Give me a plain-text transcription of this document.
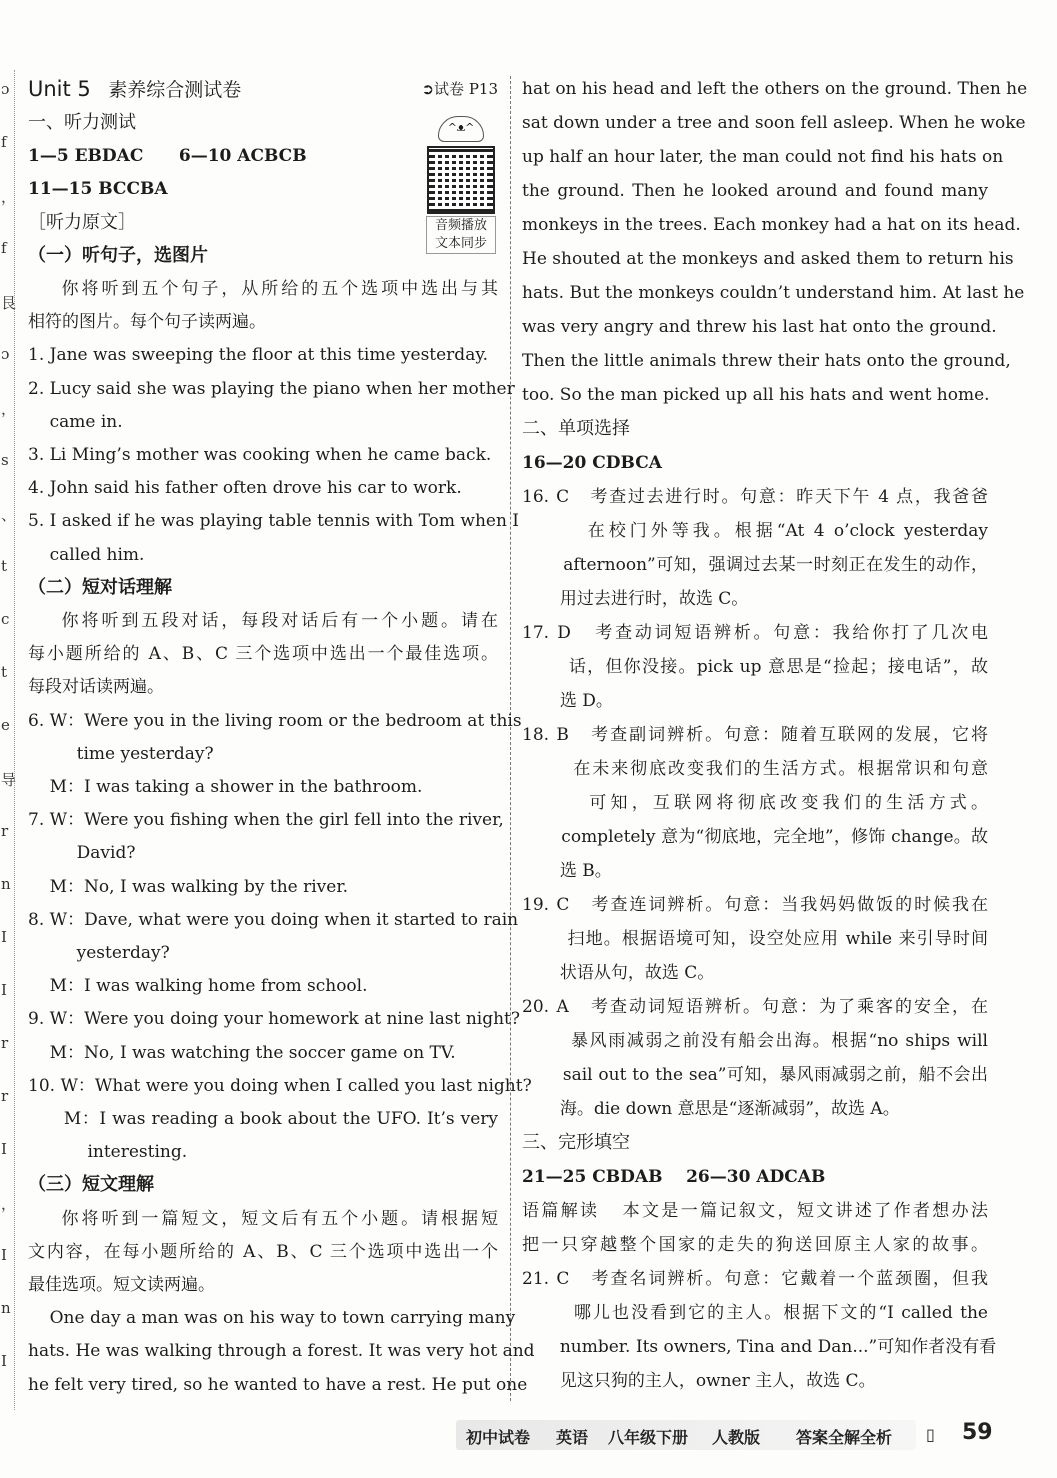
ɔ
f
，
f
艮
ɔ
，
s
、
t
c
t
e
导
r
n
I
I
r
r
I
，
I
n
I
Unit 5 素养综合测试卷	➲试卷 P13
^ᴥ^
音频播放
文本同步
一、听力测试
1—5 EBDAC      6—10 ACBCB
11—15 BCCBA
［听力原文］
（一）听句子，选图片
你将听到五个句子，从所给的五个选项中选出与其
相符的图片。每个句子读两遍。
1. Jane was sweeping the floor at this time yesterday.
2. Lucy said she was playing the piano when her mother
came in.
3. Li Ming’s mother was cooking when he came back.
4. John said his father often drove his car to work.
5. I asked if he was playing table tennis with Tom when I
called him.
（二）短对话理解
你将听到五段对话，每段对话后有一个小题。请在
每小题所给的 A、B、C 三个选项中选出一个最佳选项。
每段对话读两遍。
6. W：Were you in the living room or the bedroom at this
time yesterday?
M：I was taking a shower in the bathroom.
7. W：Were you fishing when the girl fell into the river,
David?
M：No, I was walking by the river.
8. W：Dave, what were you doing when it started to rain
yesterday?
M：I was walking home from school.
9. W：Were you doing your homework at nine last night?
M：No, I was watching the soccer game on TV.
10. W：What were you doing when I called you last night?
M：I was reading a book about the UFO. It’s very
interesting.
（三）短文理解
你将听到一篇短文，短文后有五个小题。请根据短
文内容，在每小题所给的 A、B、C 三个选项中选出一个
最佳选项。短文读两遍。
One day a man was on his way to town carrying many
hats. He was walking through a forest. It was very hot and
he felt very tired, so he wanted to have a rest. He put one
hat on his head and left the others on the ground. Then he
sat down under a tree and soon fell asleep. When he woke
up half an hour later, the man could not find his hats on
the ground. Then he looked around and found many
monkeys in the trees. Each monkey had a hat on its head.
He shouted at the monkeys and asked them to return his
hats. But the monkeys couldn’t understand him. At last he
was very angry and threw his last hat onto the ground.
Then the little animals threw their hats onto the ground,
too. So the man picked up all his hats and went home.
二、单项选择
16—20 CDBCA
16. C   考查过去进行时。句意：昨天下午 4 点，我爸爸
在校门外等我。根据“At 4 o’clock yesterday
afternoon”可知，强调过去某一时刻正在发生的动作，
用过去进行时，故选 C。
17. D   考查动词短语辨析。句意：我给你打了几次电
话，但你没接。pick up 意思是“捡起；接电话”，故
选 D。
18. B   考查副词辨析。句意：随着互联网的发展，它将
在未来彻底改变我们的生活方式。根据常识和句意
可知，互联网将彻底改变我们的生活方式。
completely 意为“彻底地，完全地”，修饰 change。故
选 B。
19. C   考查连词辨析。句意：当我妈妈做饭的时候我在
扫地。根据语境可知，设空处应用 while 来引导时间
状语从句，故选 C。
20. A   考查动词短语辨析。句意：为了乘客的安全，在
暴风雨减弱之前没有船会出海。根据“no ships will
sail out to the sea”可知，暴风雨减弱之前，船不会出
海。die down 意思是“逐渐减弱”，故选 A。
三、完形填空
21—25 CBDAB    26—30 ADCAB
语篇解读   本文是一篇记叙文，短文讲述了作者想办法
把一只穿越整个国家的走失的狗送回原主人家的故事。
21. C   考查名词辨析。句意：它戴着一个蓝颈圈，但我
哪儿也没看到它的主人。根据下文的“I called the
number. Its owners, Tina and Dan...”可知作者没有看
见这只狗的主人，owner 主人，故选 C。
初中试卷 英语 八年级下册 人教版 答案全解全析 ▯ 59
